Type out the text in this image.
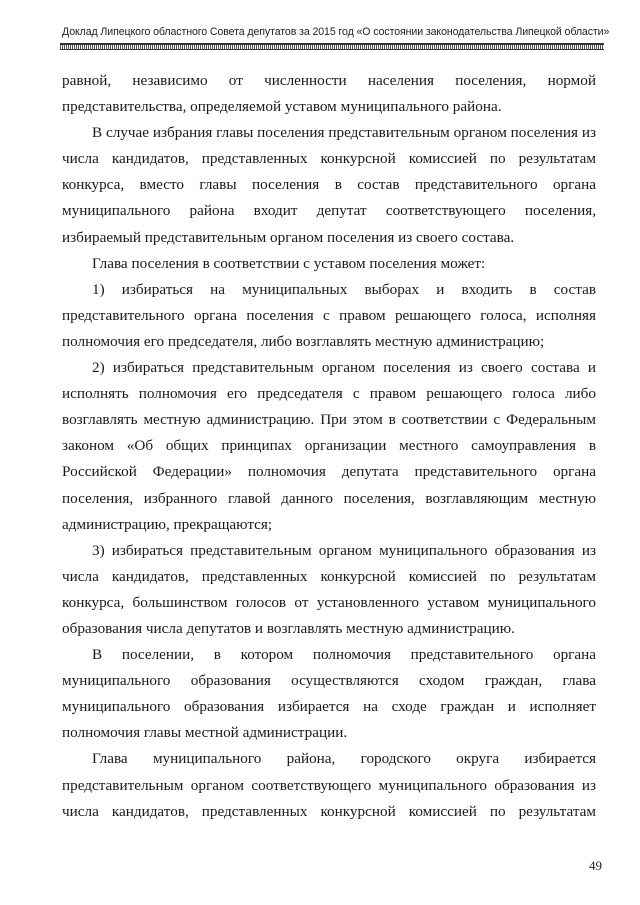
Доклад Липецкого областного Совета депутатов за 2015 год «О состоянии законодательства Липецкой области»

равной, независимо от численности населения поселения, нормой

представительства, определяемой уставом муниципального района.

В случае избрания главы поселения представительным органом поселения из

числа кандидатов, представленных конкурсной комиссией по результатам

конкурса, вместо главы поселения в состав представительного органа

муниципального района входит депутат соответствующего поселения,

избираемый представительным органом поселения из своего состава.

Глава поселения в соответствии с уставом поселения может:

1) избираться на муниципальных выборах и входить в состав

представительного органа поселения с правом решающего голоса, исполняя

полномочия его председателя, либо возглавлять местную администрацию;

2) избираться представительным органом поселения из своего состава и

исполнять полномочия его председателя с правом решающего голоса либо

возглавлять местную администрацию. При этом в соответствии с Федеральным

законом «Об общих принципах организации местного самоуправления в

Российской Федерации» полномочия депутата представительного органа

поселения, избранного главой данного поселения, возглавляющим местную

администрацию, прекращаются;

3) избираться представительным органом муниципального образования из

числа кандидатов, представленных конкурсной комиссией по результатам

конкурса, большинством голосов от установленного уставом муниципального

образования числа депутатов и возглавлять местную администрацию.

В поселении, в котором полномочия представительного органа

муниципального образования осуществляются сходом граждан, глава

муниципального образования избирается на сходе граждан и исполняет

полномочия главы местной администрации.

Глава муниципального района, городского округа избирается

представительным органом соответствующего муниципального образования из

числа кандидатов, представленных конкурсной комиссией по результатам

49
